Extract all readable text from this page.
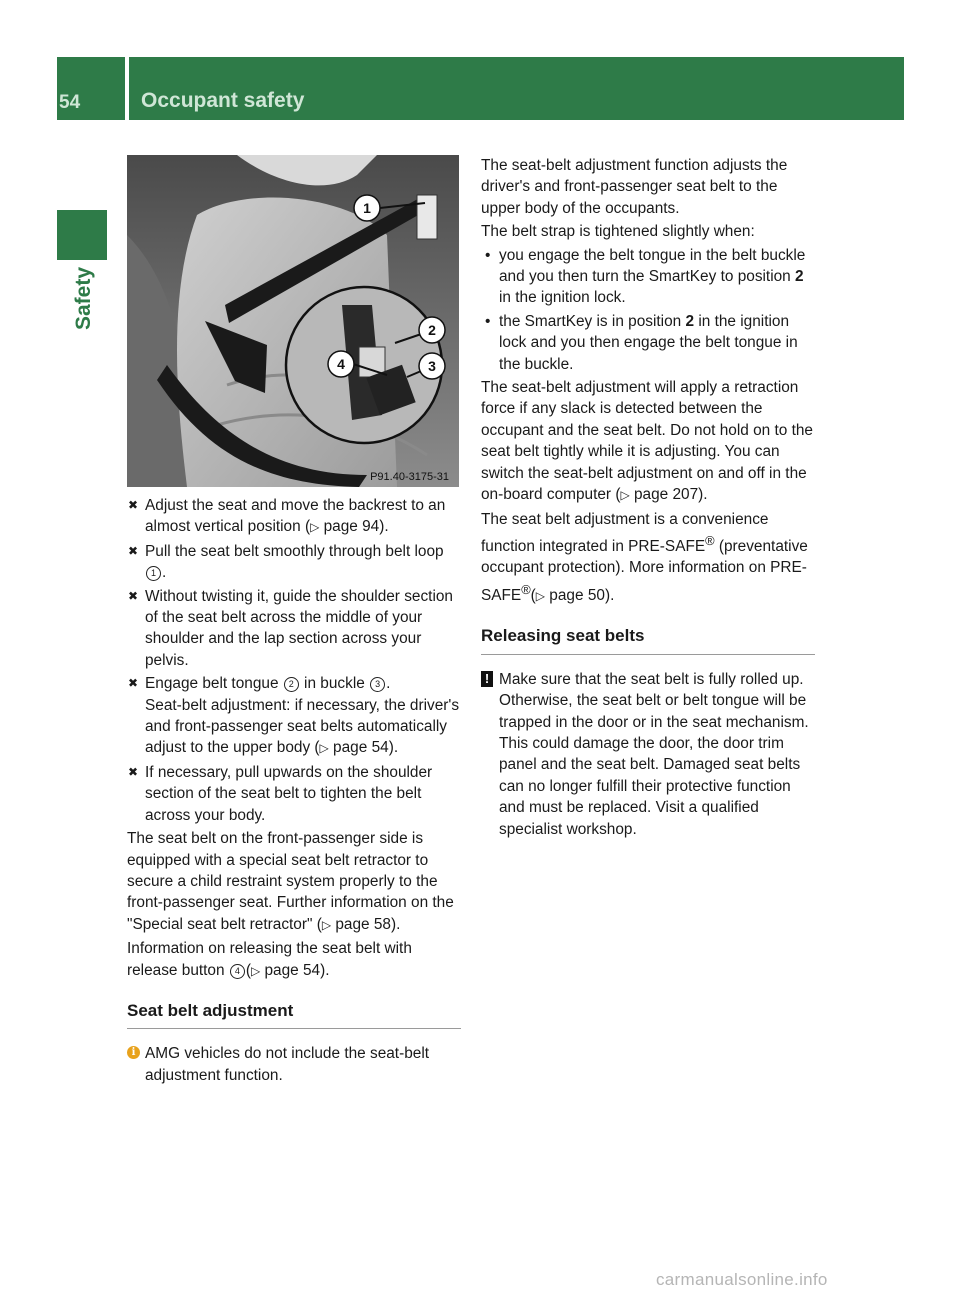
54	Occupant safety
Safety
1
2
3
4
P91.40-3175-31
✖ Adjust the seat and move the backrest to an almost vertical position (▷ page 94).
✖ Pull the seat belt smoothly through belt loop 1 .
✖ Without twisting it, guide the shoulder section of the seat belt across the middle of your shoulder and the lap section across your pelvis.
✖ Engage belt tongue 2 in buckle 3 .
Seat-belt adjustment: if necessary, the driver's and front-passenger seat belts automatically adjust to the upper body (▷ page 54).
✖ If necessary, pull upwards on the shoulder section of the seat belt to tighten the belt across your body.

The seat belt on the front-passenger side is equipped with a special seat belt retractor to secure a child restraint system properly to the front-passenger seat. Further information on the "Special seat belt retractor" (▷ page 58).

Information on releasing the seat belt with release button 4 (▷ page 54).

Seat belt adjustment
i AMG vehicles do not include the seat-belt adjustment function.

The seat-belt adjustment function adjusts the driver's and front-passenger seat belt to the upper body of the occupants.

The belt strap is tightened slightly when:

• you engage the belt tongue in the belt buckle and you then turn the SmartKey to position 2 in the ignition lock.
• the SmartKey is in position 2 in the ignition lock and you then engage the belt tongue in the buckle.

The seat-belt adjustment will apply a retraction force if any slack is detected between the occupant and the seat belt. Do not hold on to the seat belt tightly while it is adjusting. You can switch the seat-belt adjustment on and off in the on-board computer (▷ page 207).

The seat belt adjustment is a convenience function integrated in PRE-SAFE® (preventative occupant protection). More information on PRE-SAFE®(▷ page 50).

Releasing seat belts
! Make sure that the seat belt is fully rolled up. Otherwise, the seat belt or belt tongue will be trapped in the door or in the seat mechanism. This could damage the door, the door trim panel and the seat belt. Damaged seat belts can no longer fulfill their protective function and must be replaced. Visit a qualified specialist workshop.
carmanualsonline.info
